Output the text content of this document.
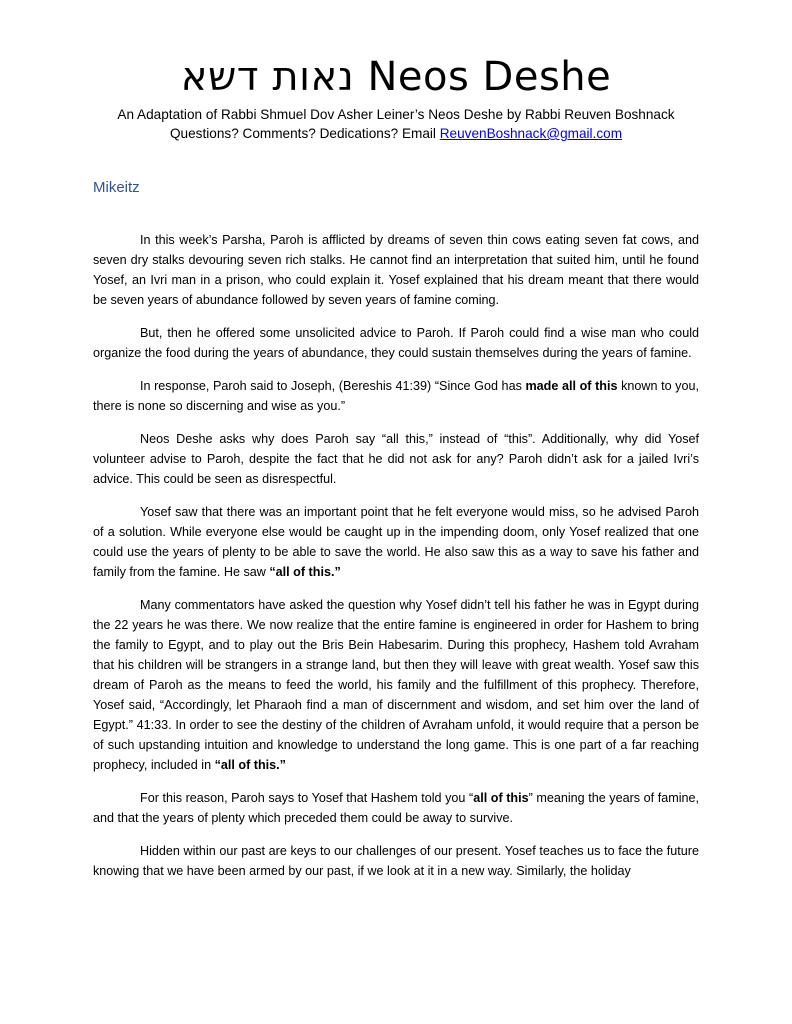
נאות דשא Neos Deshe
An Adaptation of Rabbi Shmuel Dov Asher Leiner’s Neos Deshe by Rabbi Reuven Boshnack
Questions? Comments? Dedications? Email ReuvenBoshnack@gmail.com
Mikeitz

In this week’s Parsha, Paroh is afflicted by dreams of seven thin cows eating seven fat cows, and seven dry stalks devouring seven rich stalks. He cannot find an interpretation that suited him, until he found Yosef, an Ivri man in a prison, who could explain it. Yosef explained that his dream meant that there would be seven years of abundance followed by seven years of famine coming.

But, then he offered some unsolicited advice to Paroh. If Paroh could find a wise man who could organize the food during the years of abundance, they could sustain themselves during the years of famine.

In response, Paroh said to Joseph, (Bereshis 41:39) “Since God has made all of this known to you, there is none so discerning and wise as you.”

Neos Deshe asks why does Paroh say “all this,” instead of “this”. Additionally, why did Yosef volunteer advise to Paroh, despite the fact that he did not ask for any? Paroh didn’t ask for a jailed Ivri’s advice. This could be seen as disrespectful.

Yosef saw that there was an important point that he felt everyone would miss, so he advised Paroh of a solution. While everyone else would be caught up in the impending doom, only Yosef realized that one could use the years of plenty to be able to save the world. He also saw this as a way to save his father and family from the famine. He saw “all of this.”

Many commentators have asked the question why Yosef didn’t tell his father he was in Egypt during the 22 years he was there. We now realize that the entire famine is engineered in order for Hashem to bring the family to Egypt, and to play out the Bris Bein Habesarim. During this prophecy, Hashem told Avraham that his children will be strangers in a strange land, but then they will leave with great wealth. Yosef saw this dream of Paroh as the means to feed the world, his family and the fulfillment of this prophecy. Therefore, Yosef said, “Accordingly, let Pharaoh find a man of discernment and wisdom, and set him over the land of Egypt.” 41:33. In order to see the destiny of the children of Avraham unfold, it would require that a person be of such upstanding intuition and knowledge to understand the long game. This is one part of a far reaching prophecy, included in “all of this.”

For this reason, Paroh says to Yosef that Hashem told you “all of this” meaning the years of famine, and that the years of plenty which preceded them could be away to survive.

Hidden within our past are keys to our challenges of our present. Yosef teaches us to face the future knowing that we have been armed by our past, if we look at it in a new way. Similarly, the holiday
